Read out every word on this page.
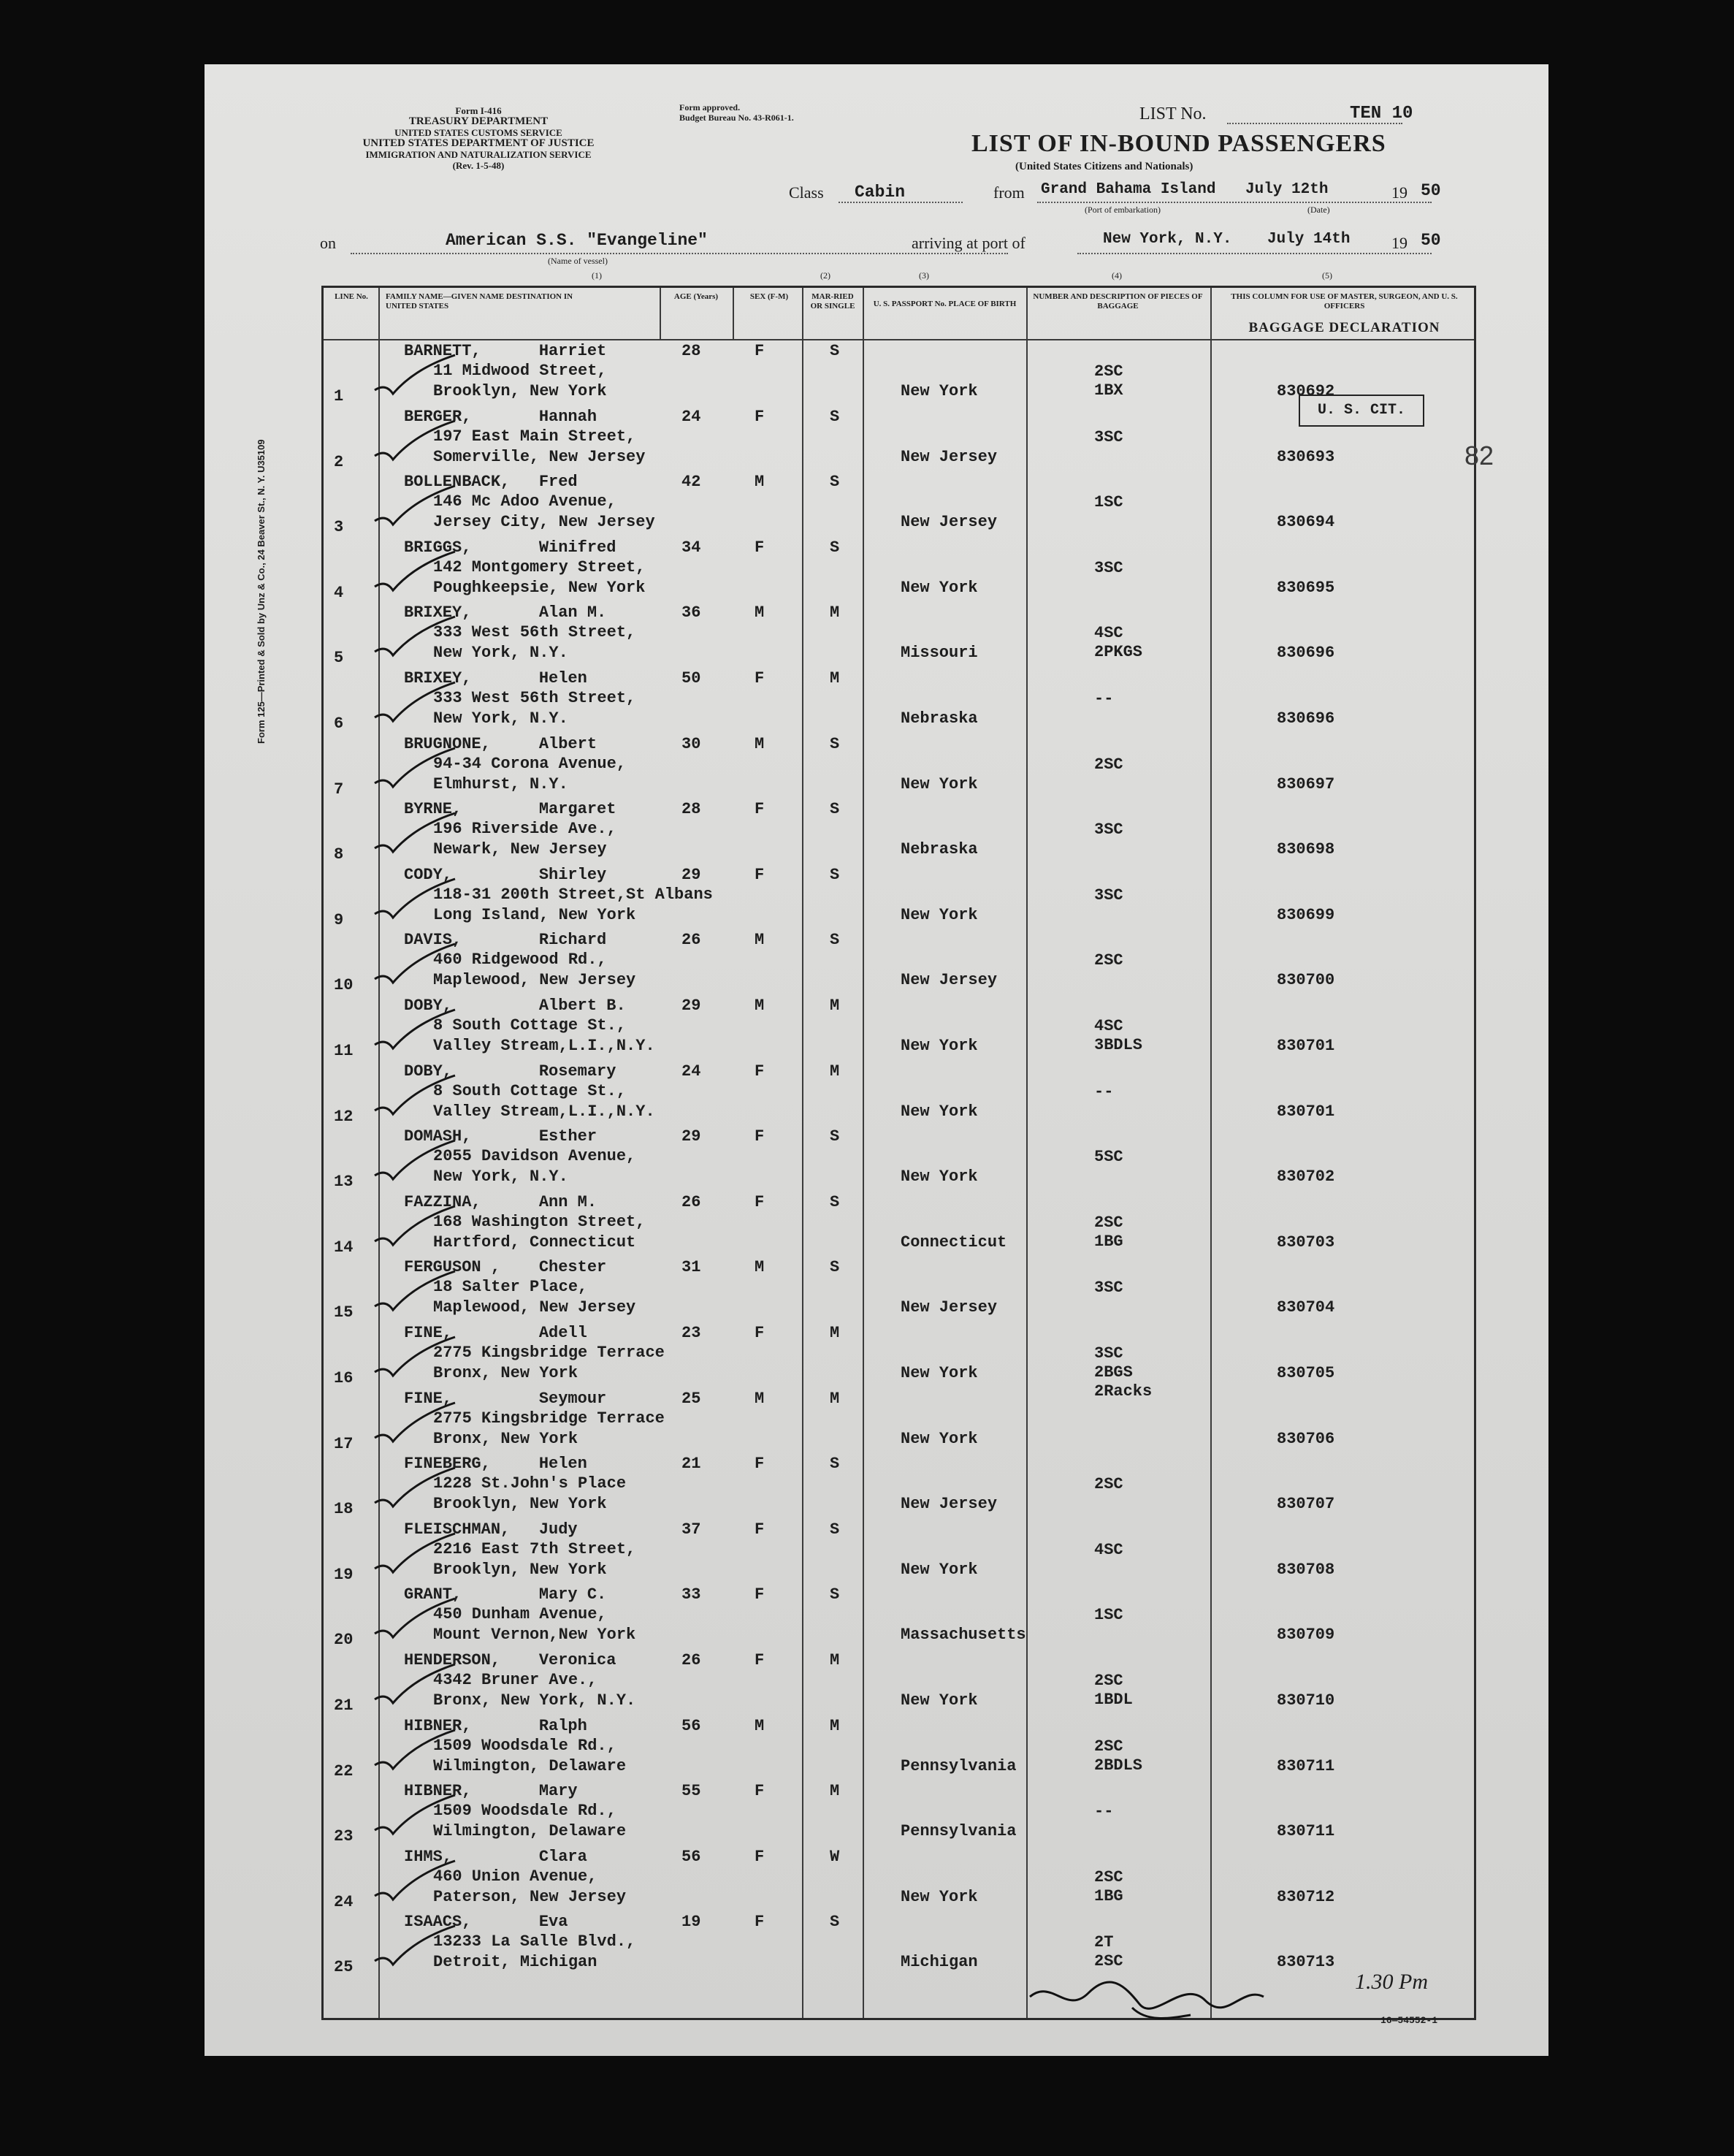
Form I-416
TREASURY DEPARTMENT
UNITED STATES CUSTOMS SERVICE
UNITED STATES DEPARTMENT OF JUSTICE
IMMIGRATION AND NATURALIZATION SERVICE
(Rev. 1-5-48)
Form approved.
Budget Bureau No. 43-R061-1.	LIST No.	TEN 10
LIST OF IN-BOUND PASSENGERS
(United States Citizens and Nationals)
Class Cabin	from Grand Bahama Island July 12th	19 50
(Port of embarkation)	(Date)
on	American S.S. "Evangeline"
(Name of vessel)
arriving at port of	New York, N.Y. July 14th	19 50
(1)	(2)	(3)	(4)	(5)
Form 125—Printed & Sold by Unz & Co., 24 Beaver St., N. Y. U35109
LINE No.	FAMILY NAME—GIVEN NAME DESTINATION IN UNITED STATES
AGE (Years)	SEX (F-M)	MAR-RIED OR SINGLE	U. S. PASSPORT No. PLACE OF BIRTH
NUMBER AND DESCRIPTION OF PIECES OF BAGGAGE
THIS COLUMN FOR USE OF MASTER, SURGEON, AND U. S. OFFICERS
BAGGAGE DECLARATION
1
BARNETT,      Harriet
11 Midwood Street,
Brooklyn, New York
28	F	S
New York
2SC
1BX	830692
2
BERGER,       Hannah
197 East Main Street,
Somerville, New Jersey
24	F	S
New Jersey
3SC
830693
3
BOLLENBACK,   Fred
146 Mc Adoo Avenue,
Jersey City, New Jersey
42	M	S
New Jersey
1SC
830694
4
BRIGGS,       Winifred
142 Montgomery Street,
Poughkeepsie, New York
34	F	S
New York
3SC
830695
5
BRIXEY,       Alan M.
333 West 56th Street,
New York, N.Y.
36	M	M
Missouri
4SC
2PKGS	830696
6
BRIXEY,       Helen
333 West 56th Street,
New York, N.Y.
50	F	M
Nebraska
--
830696
7
BRUGNONE,     Albert
94-34 Corona Avenue,
Elmhurst, N.Y.
30	M	S
New York
2SC
830697
8
BYRNE,        Margaret
196 Riverside Ave.,
Newark, New Jersey
28	F	S
Nebraska
3SC
830698
9
CODY,         Shirley
118-31 200th Street,St Albans
Long Island, New York
29	F	S
New York
3SC
830699
10
DAVIS,        Richard
460 Ridgewood Rd.,
Maplewood, New Jersey
26	M	S
New Jersey
2SC
830700
11
DOBY,         Albert B.
8 South Cottage St.,
Valley Stream,L.I.,N.Y.
29	M	M
New York
4SC
3BDLS	830701
12
DOBY,         Rosemary
8 South Cottage St.,
Valley Stream,L.I.,N.Y.
24	F	M
New York
--
830701
13
DOMASH,       Esther
2055 Davidson Avenue,
New York, N.Y.
29	F	S
New York
5SC
830702
14
FAZZINA,      Ann M.
168 Washington Street,
Hartford, Connecticut
26	F	S
Connecticut
2SC
1BG	830703
15
FERGUSON ,    Chester
18 Salter Place,
Maplewood, New Jersey
31	M	S
New Jersey
3SC
830704
16
FINE,         Adell
2775 Kingsbridge Terrace
Bronx, New York
23	F	M
New York
3SC
2BGS
2Racks
830705
17
FINE,         Seymour
2775 Kingsbridge Terrace
Bronx, New York
25	M	M
New York	830706
18
FINEBERG,     Helen
1228 St.John's Place
Brooklyn, New York
21	F	S
New Jersey
2SC
830707
19
FLEISCHMAN,   Judy
2216 East 7th Street,
Brooklyn, New York
37	F	S
New York
4SC
830708
20
GRANT,        Mary C.
450 Dunham Avenue,
Mount Vernon,New York
33	F	S
Massachusetts
1SC
830709
21
HENDERSON,    Veronica
4342 Bruner Ave.,
Bronx, New York, N.Y.
26	F	M
New York
2SC
1BDL	830710
22
HIBNER,       Ralph
1509 Woodsdale Rd.,
Wilmington, Delaware
56	M	M
Pennsylvania
2SC
2BDLS	830711
23
HIBNER,       Mary
1509 Woodsdale Rd.,
Wilmington, Delaware
55	F	M
Pennsylvania
--
830711
24
IHMS,         Clara
460 Union Avenue,
Paterson, New Jersey
56	F	W
New York
2SC
1BG	830712
25
ISAACS,       Eva
13233 La Salle Blvd.,
Detroit, Michigan
19	F	S
Michigan
2T
2SC	830713
U. S. CIT.
82
1.30 Pm
16—54552-1
